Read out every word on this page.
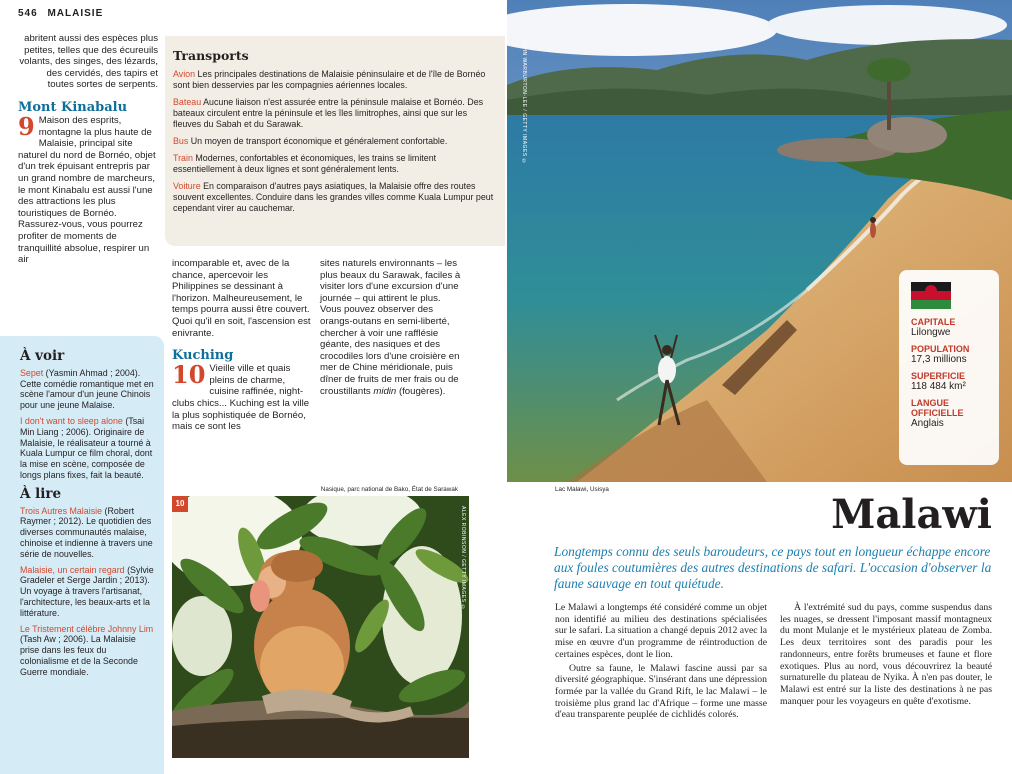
546 MALAISIE

abritent aussi des espèces plus petites, telles que des écureuils volants, des singes, des lézards, des cervidés, des tapirs et toutes sortes de serpents.

Mont Kinabalu
9 Maison des esprits, montagne la plus haute de Malaisie, principal site naturel du nord de Bornéo, objet d'un trek épuisant entrepris par un grand nombre de marcheurs, le mont Kinabalu est aussi l'une des attractions les plus touristiques de Bornéo. Rassurez-vous, vous pourrez profiter de moments de tranquillité absolue, respirer un air
Transports

Avion Les principales destinations de Malaisie péninsulaire et de l'île de Bornéo sont bien desservies par les compagnies aériennes locales.

Bateau Aucune liaison n'est assurée entre la péninsule malaise et Bornéo. Des bateaux circulent entre la péninsule et les îles limitrophes, ainsi que sur les fleuves du Sabah et du Sarawak.

Bus Un moyen de transport économique et généralement confortable.

Train Modernes, confortables et économiques, les trains se limitent essentiellement à deux lignes et sont généralement lents.

Voiture En comparaison d'autres pays asiatiques, la Malaisie offre des routes souvent excellentes. Conduire dans les grandes villes comme Kuala Lumpur peut cependant virer au cauchemar.

incomparable et, avec de la chance, apercevoir les Philippines se dessinant à l'horizon. Malheureusement, le temps pourra aussi être couvert. Quoi qu'il en soit, l'ascension est enivrante.

Kuching
10 Vieille ville et quais pleins de charme, cuisine raffinée, night-clubs chics... Kuching est la ville la plus sophistiquée de Bornéo, mais ce sont les
sites naturels environnants – les plus beaux du Sarawak, faciles à visiter lors d'une excursion d'une journée – qui attirent le plus. Vous pouvez observer des orangs-outans en semi-liberté, chercher à voir une rafflésie géante, des nasiques et des crocodiles lors d'une croisière en mer de Chine méridionale, puis dîner de fruits de mer frais ou de croustillants midin (fougères).
À voir

Sepet (Yasmin Ahmad ; 2004). Cette comédie romantique met en scène l'amour d'un jeune Chinois pour une jeune Malaise.

I don't want to sleep alone (Tsai Min Liang ; 2006). Originaire de Malaisie, le réalisateur a tourné à Kuala Lumpur ce film choral, dont la mise en scène, composée de longs plans fixes, fait la beauté.

À lire

Trois Autres Malaisie (Robert Raymer ; 2012). Le quotidien des diverses communautés malaise, chinoise et indienne à travers une série de nouvelles.

Malaisie, un certain regard (Sylvie Gradeler et Serge Jardin ; 2013). Un voyage à travers l'artisanat, l'architecture, les beaux-arts et la littérature.

Le Tristement célèbre Johnny Lim (Tash Aw ; 2006). La Malaisie prise dans les feux du colonialisme et de la Seconde Guerre mondiale.

Nasique, parc national de Bako, État de Sarawak
10
ALEX ROBINSON / GETTY IMAGES ©
JOHN WARBURTON-LEE / GETTY IMAGES ©
CAPITALE
Lilongwe
POPULATION
17,3 millions
SUPERFICIE
118 484 km²
LANGUE OFFICIELLE
Anglais
Lac Malawi, Usisya
Malawi
Longtemps connu des seuls baroudeurs, ce pays tout en longueur échappe encore aux foules coutumières des autres destinations de safari. L'occasion d'observer la faune sauvage en tout quiétude.

Le Malawi a longtemps été considéré comme un objet non identifié au milieu des destinations spécialisées sur le safari. La situation a changé depuis 2012 avec la mise en œuvre d'un programme de réintroduction de certaines espèces, dont le lion.

Outre sa faune, le Malawi fascine aussi par sa diversité géographique. S'insérant dans une dépression formée par la vallée du Grand Rift, le lac Malawi – le troisième plus grand lac d'Afrique – forme une masse d'eau transparente peuplée de cichlidés colorés.

À l'extrémité sud du pays, comme suspendus dans les nuages, se dressent l'imposant massif montagneux du mont Mulanje et le mystérieux plateau de Zomba. Les deux territoires sont des paradis pour les randonneurs, entre forêts brumeuses et faune et flore exotiques. Plus au nord, vous découvrirez la beauté surnaturelle du plateau de Nyika. À n'en pas douter, le Malawi est entré sur la liste des destinations à ne pas manquer pour les voyageurs en quête d'exotisme.
